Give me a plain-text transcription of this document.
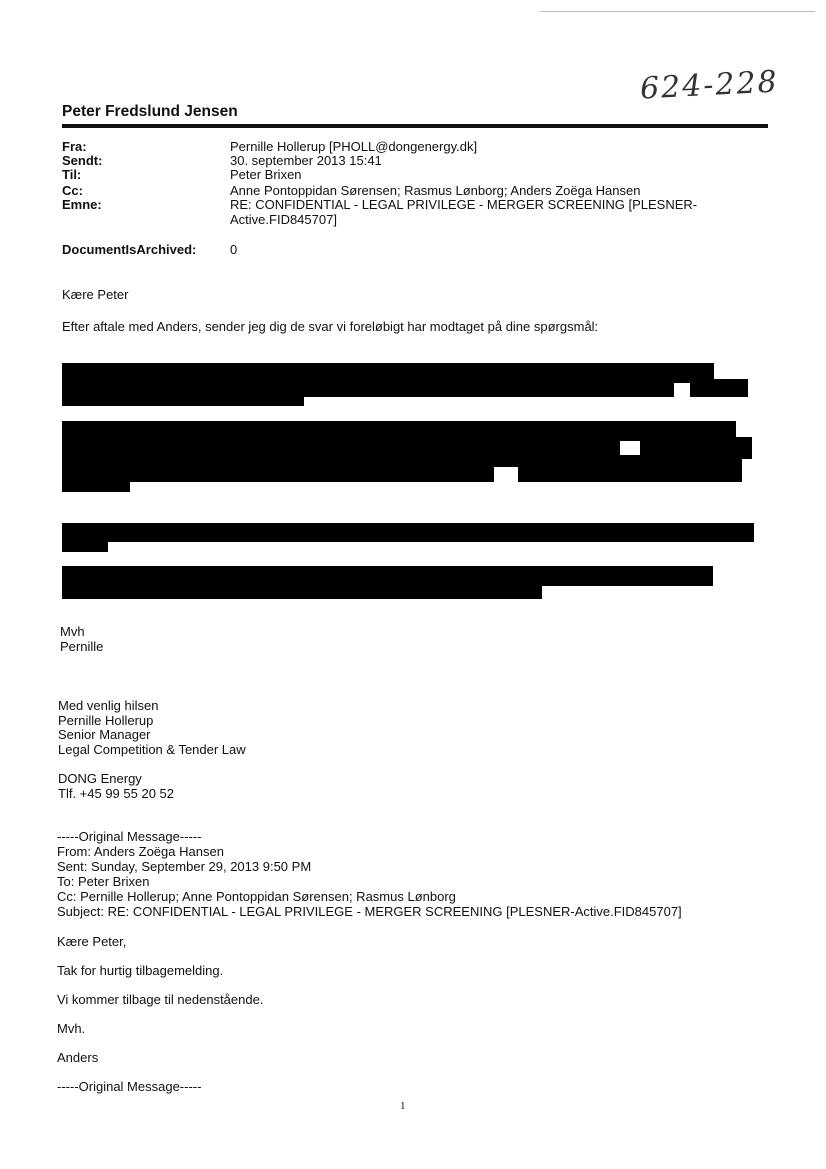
624-228
Peter Fredslund Jensen
Fra:	Pernille Hollerup [PHOLL@dongenergy.dk]
Sendt:	30. september 2013 15:41
Til:	Peter Brixen
Cc:	Anne Pontoppidan Sørensen; Rasmus Lønborg; Anders Zoëga Hansen
Emne:	RE: CONFIDENTIAL - LEGAL PRIVILEGE - MERGER SCREENING [PLESNER-Active.FID845707]
DocumentIsArchived:	0
Kære Peter
Efter aftale med Anders, sender jeg dig de svar vi foreløbigt har modtaget på dine spørgsmål:
Mvh
Pernille
Med venlig hilsen
Pernille Hollerup
Senior Manager
Legal Competition & Tender Law
DONG Energy
Tlf. +45 99 55 20 52
-----Original Message-----
From: Anders Zoëga Hansen
Sent: Sunday, September 29, 2013 9:50 PM
To: Peter Brixen
Cc: Pernille Hollerup; Anne Pontoppidan Sørensen; Rasmus Lønborg
Subject: RE: CONFIDENTIAL - LEGAL PRIVILEGE - MERGER SCREENING [PLESNER-Active.FID845707]
Kære Peter,
Tak for hurtig tilbagemelding.
Vi kommer tilbage til nedenstående.
Mvh.
Anders
-----Original Message-----
1
